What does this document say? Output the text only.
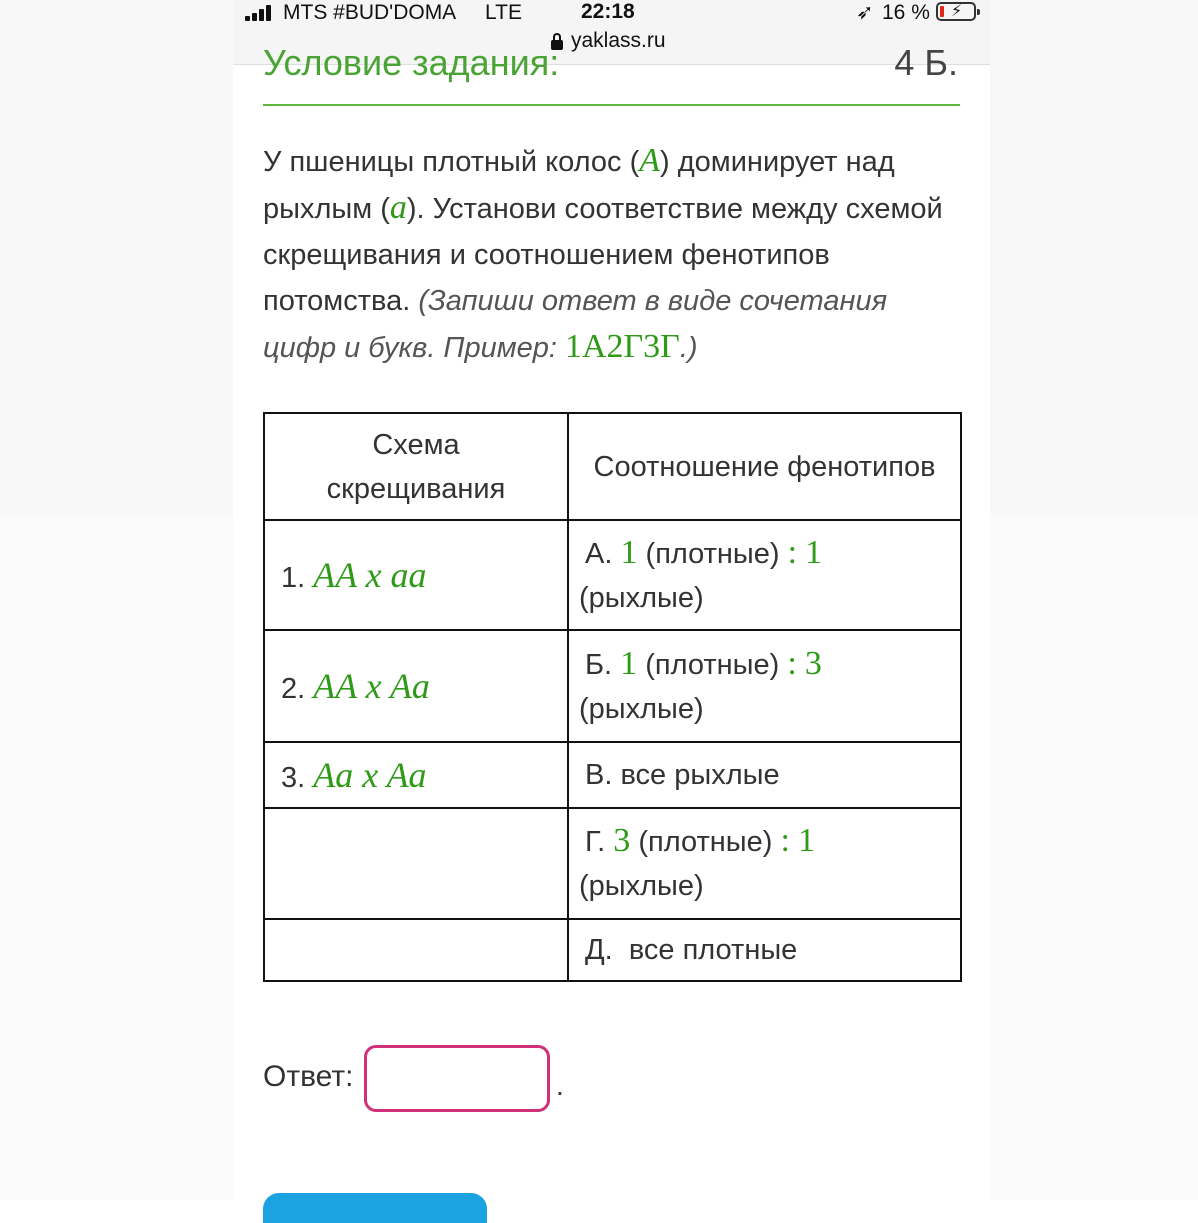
MTS #BUD'DOMA LTE	22:18	➶ 16 % ⚡
yaklass.ru
Условие задания:	4 Б.
У пшеницы плотный колос (A) доминирует над рыхлым (a). Установи соответствие между схемой скрещивания и соотношением фенотипов потомства. (Запиши ответ в виде сочетания цифр и букв. Пример: 1А2Г3Г.)
Схема скрещивания	Соотношение фенотипов
1. AA x aa	А. 1 (плотные) : 1
(рыхлые)
2. AA x Aa	Б. 1 (плотные) : 3
(рыхлые)
3. Aa x Aa	В. все рыхлые
	Г. 3 (плотные) : 1
(рыхлые)
	Д. все плотные
Ответ:	.
